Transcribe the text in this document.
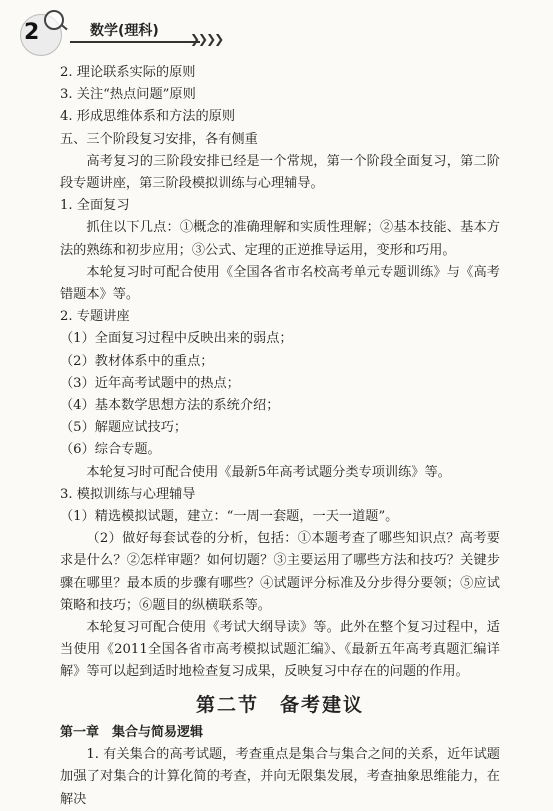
2	数学(理科)	❯❯❯❯
2. 理论联系实际的原则
3. 关注“热点问题”原则
4. 形成思维体系和方法的原则
五、三个阶段复习安排，各有侧重
高考复习的三阶段安排已经是一个常规，第一个阶段全面复习，第二阶段专题讲座，第三阶段模拟训练与心理辅导。
1. 全面复习
抓住以下几点：①概念的准确理解和实质性理解；②基本技能、基本方法的熟练和初步应用；③公式、定理的正逆推导运用，变形和巧用。
本轮复习时可配合使用《全国各省市名校高考单元专题训练》与《高考错题本》等。
2. 专题讲座
（1）全面复习过程中反映出来的弱点；
（2）教材体系中的重点；
（3）近年高考试题中的热点；
（4）基本数学思想方法的系统介绍；
（5）解题应试技巧；
（6）综合专题。
本轮复习时可配合使用《最新5年高考试题分类专项训练》等。
3. 模拟训练与心理辅导
（1）精选模拟试题，建立：“一周一套题，一天一道题”。
（2）做好每套试卷的分析，包括：①本题考查了哪些知识点？高考要求是什么？②怎样审题？如何切题？③主要运用了哪些方法和技巧？关键步骤在哪里？最本质的步骤有哪些？④试题评分标准及分步得分要领；⑤应试策略和技巧；⑥题目的纵横联系等。
本轮复习可配合使用《考试大纲导读》等。此外在整个复习过程中，适当使用《2011全国各省市高考模拟试题汇编》、《最新五年高考真题汇编详解》等可以起到适时地检查复习成果，反映复习中存在的问题的作用。
第二节　备考建议
第一章　集合与简易逻辑
1. 有关集合的高考试题，考查重点是集合与集合之间的关系，近年试题加强了对集合的计算化简的考查，并向无限集发展，考查抽象思维能力，在解决
